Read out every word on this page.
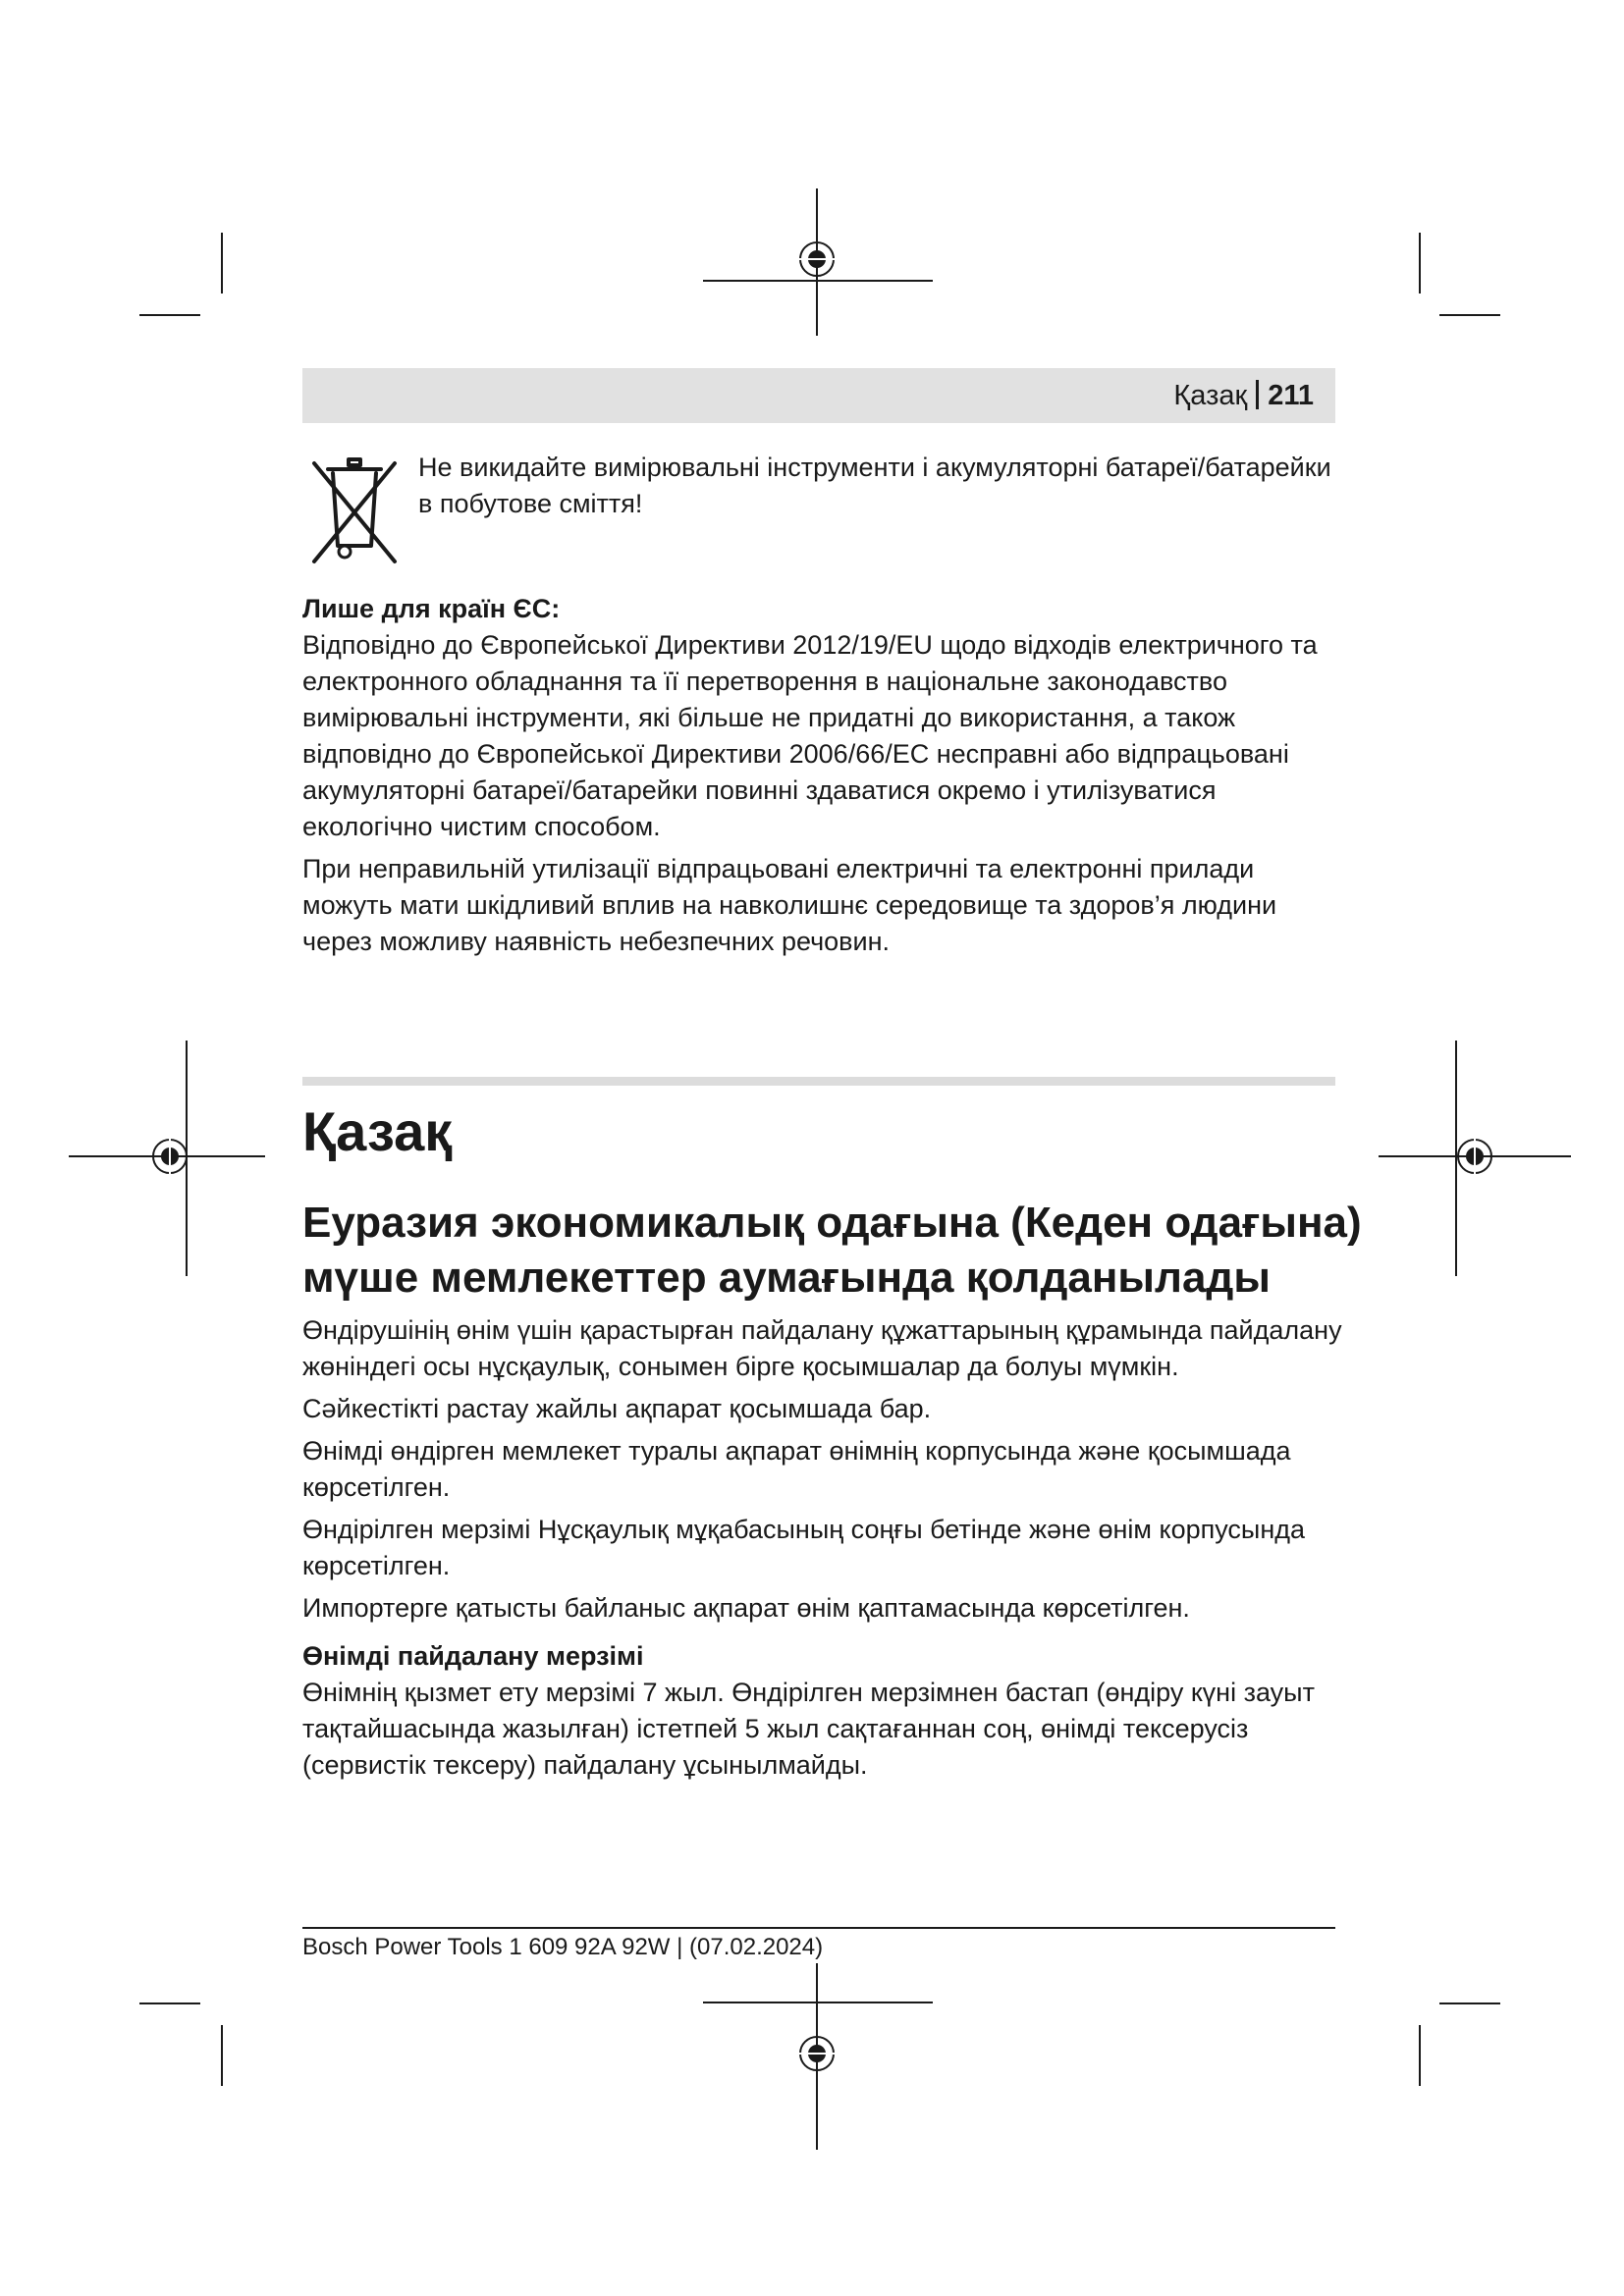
Қазақ 211

Не викидайте вимірювальні інструменти і акумуляторні батареї/батарейки в побутове сміття!

Лише для країн ЄС:

Відповідно до Європейської Директиви 2012/19/EU щодо відходів електричного та електронного обладнання та її перетворення в національне законодавство вимірювальні інструменти, які більше не придатні до використання, а також відповідно до Європейської Директиви 2006/66/EC несправні або відпрацьовані акумуляторні батареї/батарейки повинні здаватися окремо і утилізуватися екологічно чистим способом.

При неправильній утилізації відпрацьовані електричні та електронні прилади можуть мати шкідливий вплив на навколишнє середовище та здоров’я людини через можливу наявність небезпечних речовин.

Қазақ
Еуразия экономикалық одағына (Кеден одағына) мүше мемлекеттер аумағында қолданылады

Өндірушінің өнім үшін қарастырған пайдалану құжаттарының құрамында пайдалану жөніндегі осы нұсқаулық, сонымен бірге қосымшалар да болуы мүмкін.

Сәйкестікті растау жайлы ақпарат қосымшада бар.

Өнімді өндірген мемлекет туралы ақпарат өнімнің корпусында және қосымшада көрсетілген.

Өндірілген мерзімі Нұсқаулық мұқабасының соңғы бетінде және өнім корпусында көрсетілген.

Импортерге қатысты байланыс ақпарат өнім қаптамасында көрсетілген.

Өнімді пайдалану мерзімі

Өнімнің қызмет ету мерзімі 7 жыл. Өндірілген мерзімнен бастап (өндіру күні зауыт тақтайшасында жазылған) істетпей 5 жыл сақтағаннан соң, өнімді тексерусіз (сервистік тексеру) пайдалану ұсынылмайды.

Bosch Power Tools 1 609 92A 92W | (07.02.2024)
